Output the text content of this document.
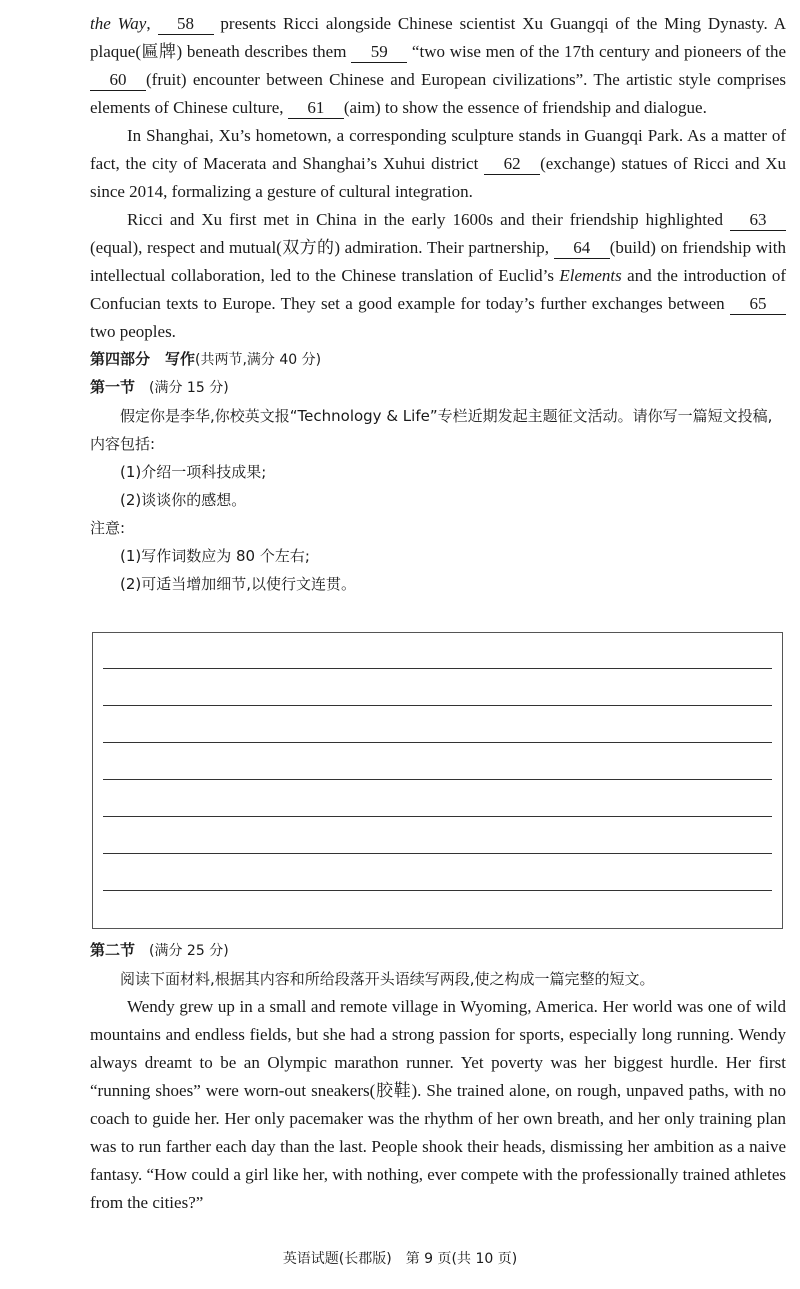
the Way, 58 presents Ricci alongside Chinese scientist Xu Guangqi of the Ming Dynasty. A plaque(匾牌) beneath describes them 59 “two wise men of the 17th century and pioneers of the 60 (fruit) encounter between Chinese and European civilizations”. The artistic style comprises elements of Chinese culture, 61 (aim) to show the essence of friendship and dialogue.

In Shanghai, Xu’s hometown, a corresponding sculpture stands in Guangqi Park. As a matter of fact, the city of Macerata and Shanghai’s Xuhui district 62 (exchange) statues of Ricci and Xu since 2014, formalizing a gesture of cultural integration.

Ricci and Xu first met in China in the early 1600s and their friendship highlighted 63(equal), respect and mutual(双方的) admiration. Their partnership, 64 (build) on friendship with intellectual collaboration, led to the Chinese translation of Euclid’s Elements and the introduction of Confucian texts to Europe. They set a good example for today’s further exchanges between 65 two peoples.

第四部分　写作(共两节,满分 40 分)

第一节　(满分 15 分)

假定你是李华,你校英文报“Technology & Life”专栏近期发起主题征文活动。请你写一篇短文投稿,内容包括:

(1)介绍一项科技成果;

(2)谈谈你的感想。

注意:

(1)写作词数应为 80 个左右;

(2)可适当增加细节,以使行文连贯。

第二节　(满分 25 分)

阅读下面材料,根据其内容和所给段落开头语续写两段,使之构成一篇完整的短文。

Wendy grew up in a small and remote village in Wyoming, America. Her world was one of wild mountains and endless fields, but she had a strong passion for sports, especially long running. Wendy always dreamt to be an Olympic marathon runner. Yet poverty was her biggest hurdle. Her first “running shoes” were worn-out sneakers(胶鞋). She trained alone, on rough, unpaved paths, with no coach to guide her. Her only pacemaker was the rhythm of her own breath, and her only training plan was to run farther each day than the last. People shook their heads, dismissing her ambition as a naive fantasy. “How could a girl like her, with nothing, ever compete with the professionally trained athletes from the cities?”

英语试题(长郡版)　第 9 页(共 10 页)
